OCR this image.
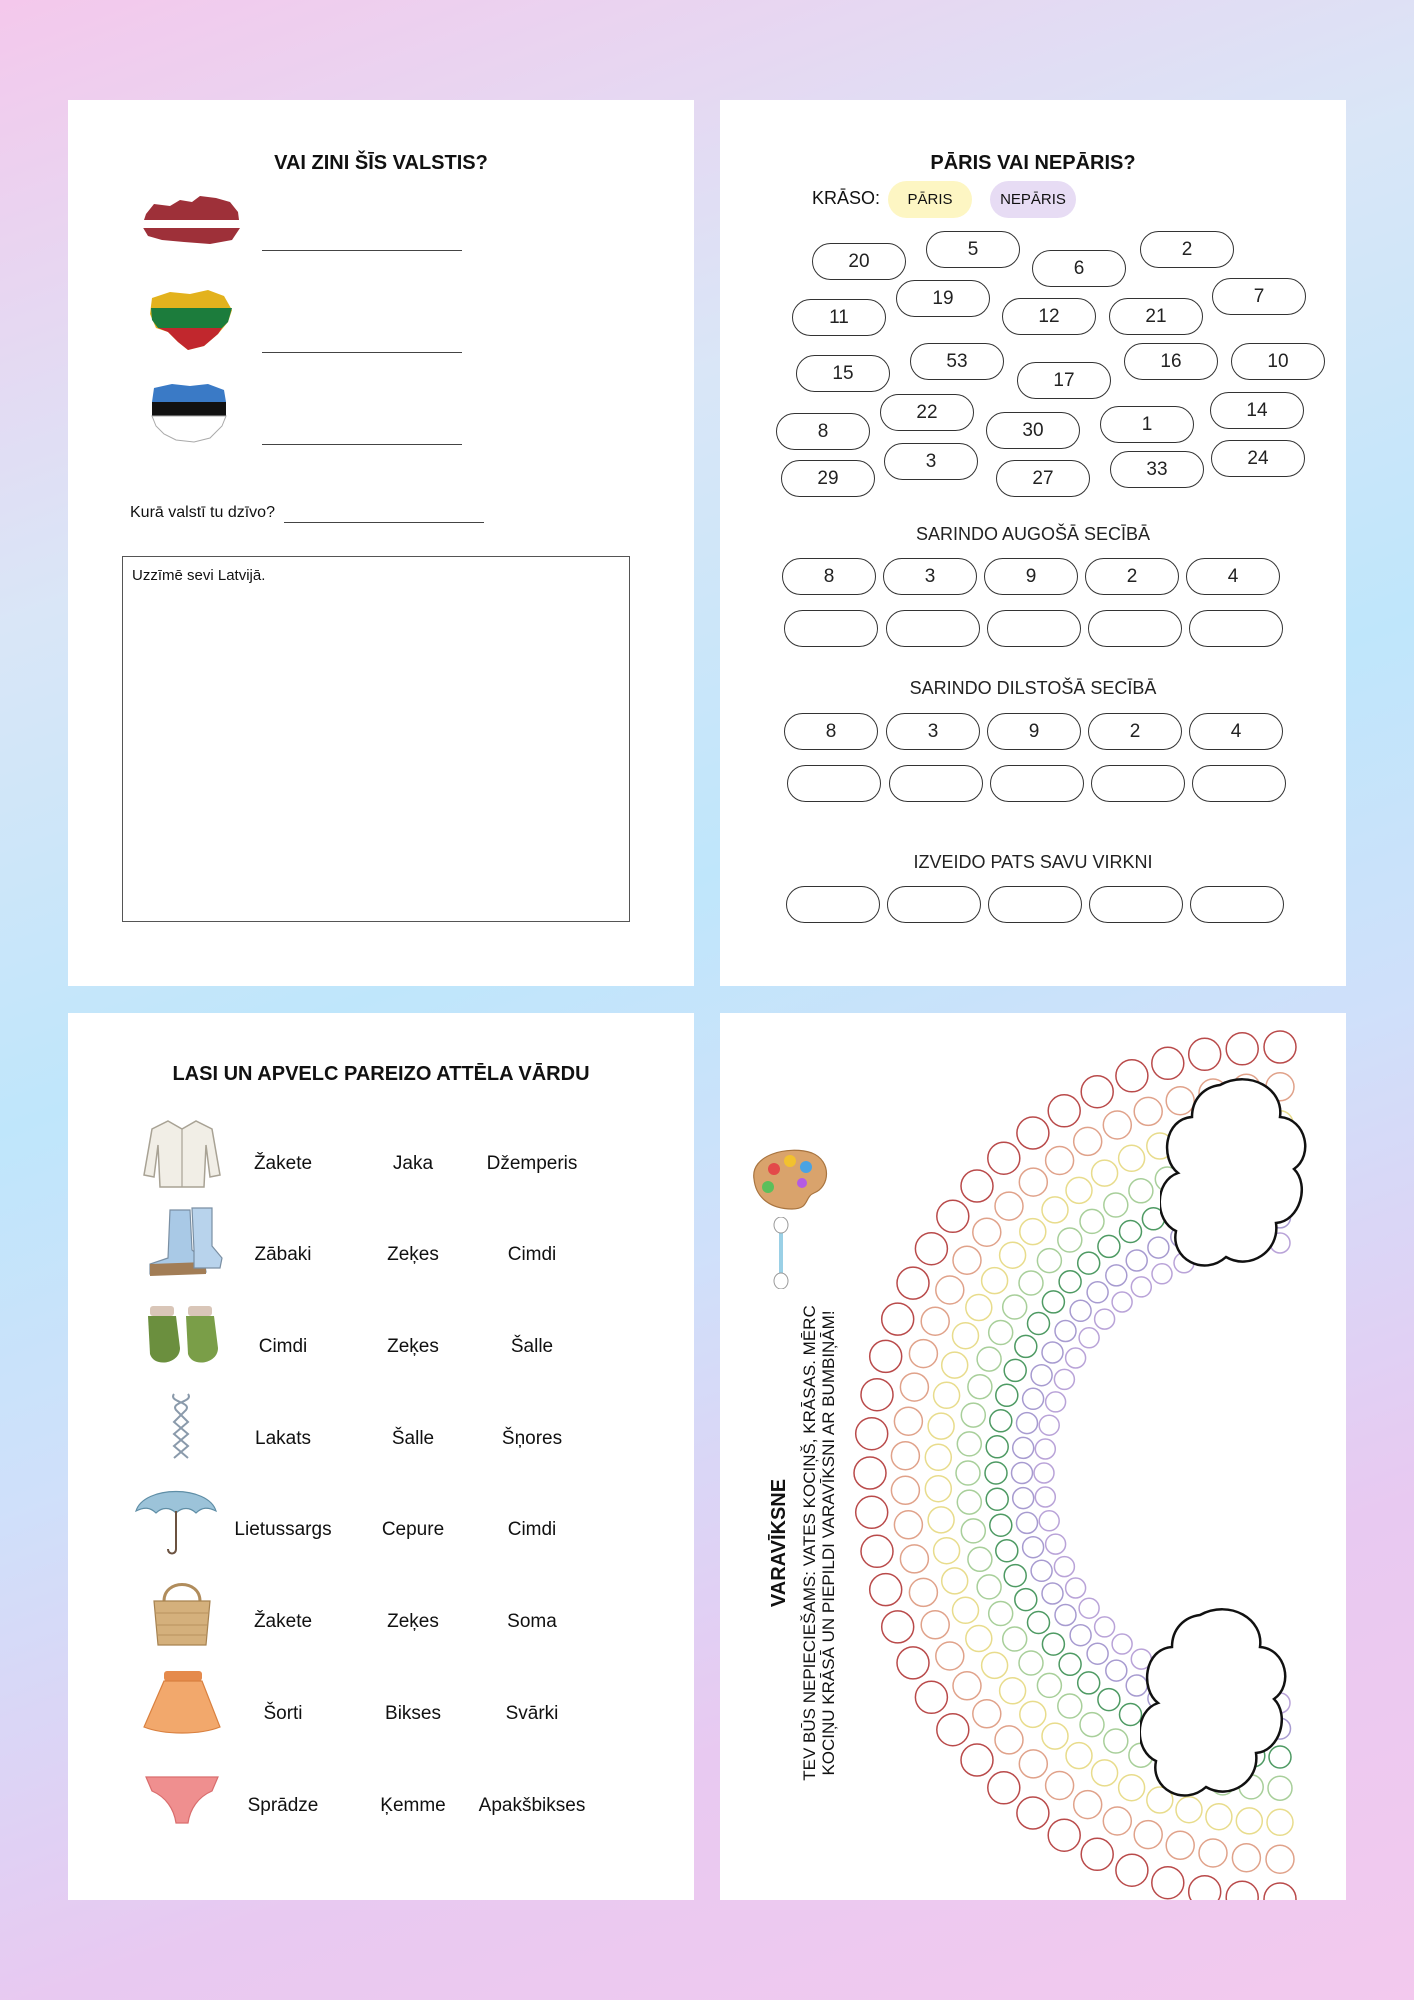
VAI ZINI ŠĪS VALSTIS?
Kurā valstī tu dzīvo?
Uzzīmē sevi Latvijā.
PĀRIS VAI NEPĀRIS?
KRĀSO:	PĀRIS	NEPĀRIS
20
5
6
2
11
19
12	21
7
15
53
17
16	10
8
22
30	1
14
29
3
27	33
24
SARINDO AUGOŠĀ SECĪBĀ
8	3	9	2	4
SARINDO DILSTOŠĀ SECĪBĀ
8	3	9	2	4
IZVEIDO PATS SAVU VIRKNI
LASI UN APVELC PAREIZO ATTĒLA VĀRDU
Žakete	Jaka	Džemperis
Zābaki	Zeķes	Cimdi
Cimdi	Zeķes	Šalle
Lakats	Šalle	Šņores
Lietussargs	Cepure	Cimdi
Žakete	Zeķes	Soma
Šorti	Bikses	Svārki
Sprādze	Ķemme	Apakšbikses
VARAVĪKSNE TEV BŪS NEPIECIEŠAMS: VATES KOCIŅŠ, KRĀSAS. MĒRC KOCIŅU KRĀSĀ UN PIEPILDI VARAVĪKSNI AR BUMBIŅĀM!
